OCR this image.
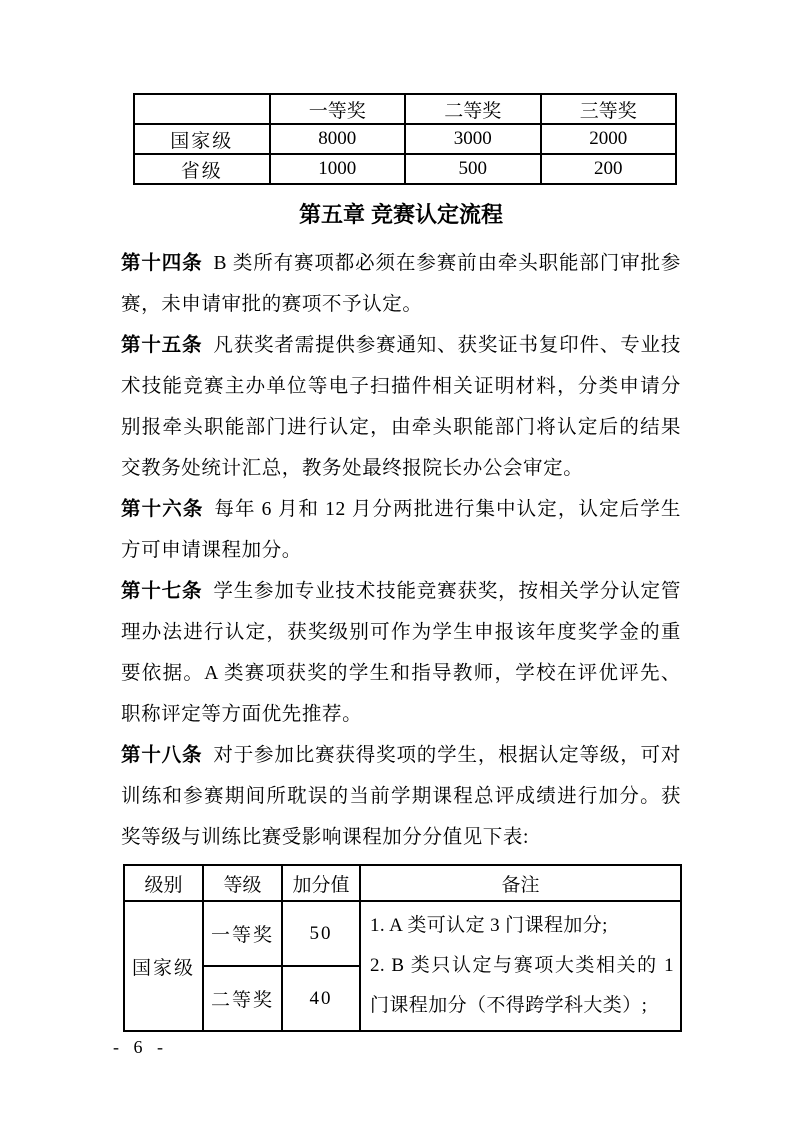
	一等奖	二等奖	三等奖
国家级	8000	3000	2000
省级	1000	500	200
第五章 竞赛认定流程

第十四条 B 类所有赛项都必须在参赛前由牵头职能部门审批参赛，未申请审批的赛项不予认定。

第十五条 凡获奖者需提供参赛通知、获奖证书复印件、专业技术技能竞赛主办单位等电子扫描件相关证明材料，分类申请分别报牵头职能部门进行认定，由牵头职能部门将认定后的结果交教务处统计汇总，教务处最终报院长办公会审定。

第十六条 每年 6 月和 12 月分两批进行集中认定，认定后学生方可申请课程加分。

第十七条 学生参加专业技术技能竞赛获奖，按相关学分认定管理办法进行认定，获奖级别可作为学生申报该年度奖学金的重要依据。A 类赛项获奖的学生和指导教师，学校在评优评先、职称评定等方面优先推荐。

第十八条 对于参加比赛获得奖项的学生，根据认定等级，可对训练和参赛期间所耽误的当前学期课程总评成绩进行加分。获奖等级与训练比赛受影响课程加分分值见下表:

级别	等级	加分值	备注
国家级	一等奖	50	1. A 类可认定 3 门课程加分;
2. B 类只认定与赛项大类相关的 1 门课程加分（不得跨学科大类）;

	二等奖	40	
- 6 -
